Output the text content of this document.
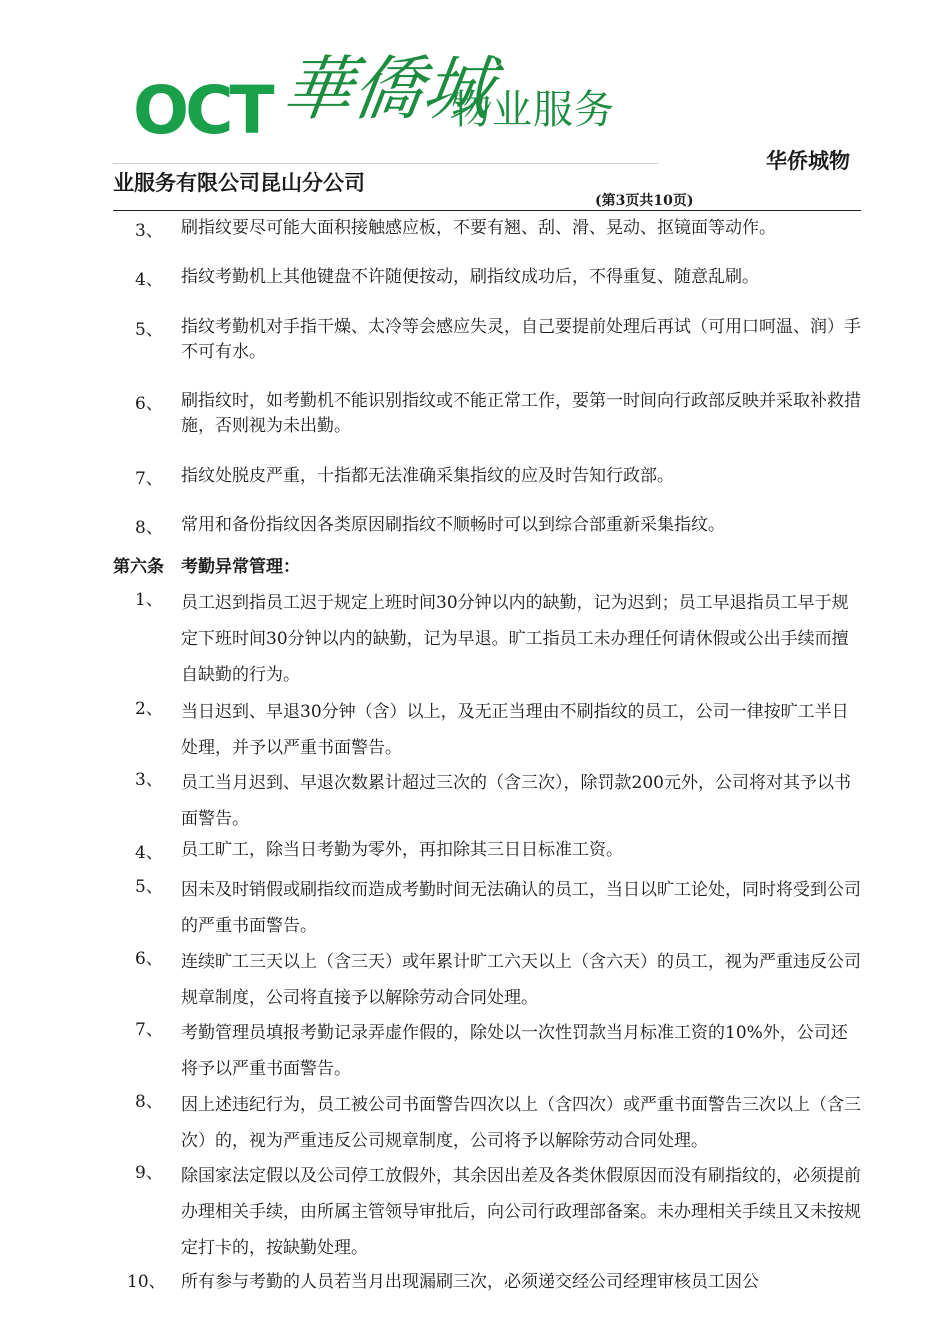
OCT 華僑城
物业服务
华侨城物
业服务有限公司昆山分公司
(第3页共10页)
3、 刷指纹要尽可能大面积接触感应板，不要有翘、刮、滑、晃动、抠镜面等动作。
4、 指纹考勤机上其他键盘不许随便按动，刷指纹成功后，不得重复、随意乱刷。
5、 指纹考勤机对手指干燥、太冷等会感应失灵，自己要提前处理后再试（可用口呵温、润）手不可有水。
6、 刷指纹时，如考勤机不能识别指纹或不能正常工作，要第一时间向行政部反映并采取补救措施，否则视为未出勤。
7、 指纹处脱皮严重，十指都无法准确采集指纹的应及时告知行政部。
8、 常用和备份指纹因各类原因刷指纹不顺畅时可以到综合部重新采集指纹。
第六条　考勤异常管理：
1、 员工迟到指员工迟于规定上班时间30分钟以内的缺勤，记为迟到；员工早退指员工早于规定下班时间30分钟以内的缺勤，记为早退。旷工指员工未办理任何请休假或公出手续而擅自缺勤的行为。
2、 当日迟到、早退30分钟（含）以上，及无正当理由不刷指纹的员工，公司一律按旷工半日处理，并予以严重书面警告。
3、 员工当月迟到、早退次数累计超过三次的（含三次），除罚款200元外，公司将对其予以书面警告。
4、 员工旷工，除当日考勤为零外，再扣除其三日日标准工资。
5、 因未及时销假或刷指纹而造成考勤时间无法确认的员工，当日以旷工论处，同时将受到公司的严重书面警告。
6、 连续旷工三天以上（含三天）或年累计旷工六天以上（含六天）的员工，视为严重违反公司规章制度，公司将直接予以解除劳动合同处理。
7、 考勤管理员填报考勤记录弄虚作假的，除处以一次性罚款当月标准工资的10%外，公司还将予以严重书面警告。
8、 因上述违纪行为，员工被公司书面警告四次以上（含四次）或严重书面警告三次以上（含三次）的，视为严重违反公司规章制度，公司将予以解除劳动合同处理。
9、 除国家法定假以及公司停工放假外，其余因出差及各类休假原因而没有刷指纹的，必须提前办理相关手续，由所属主管领导审批后，向公司行政理部备案。未办理相关手续且又未按规定打卡的，按缺勤处理。
10、 所有参与考勤的人员若当月出现漏刷三次，必须递交经公司经理审核员工因公
